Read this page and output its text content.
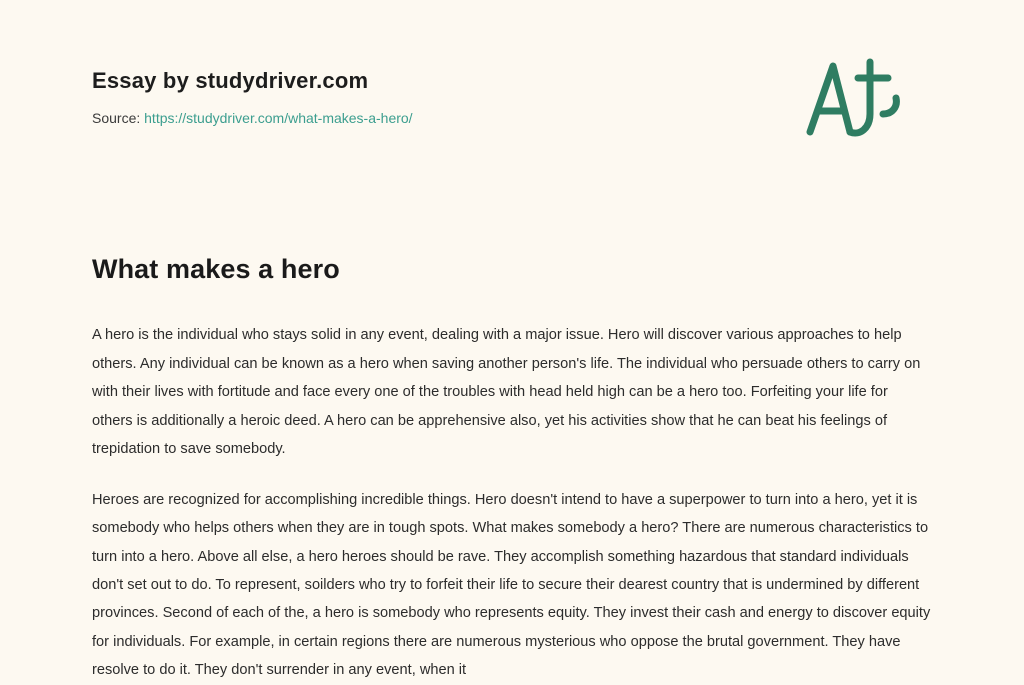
Essay by studydriver.com
Source: https://studydriver.com/what-makes-a-hero/
What makes a hero

A hero is the individual who stays solid in any event, dealing with a major issue. Hero will discover various approaches to help others. Any individual can be known as a hero when saving another person's life. The individual who persuade others to carry on with their lives with fortitude and face every one of the troubles with head held high can be a hero too. Forfeiting your life for others is additionally a heroic deed. A hero can be apprehensive also, yet his activities show that he can beat his feelings of trepidation to save somebody.

Heroes are recognized for accomplishing incredible things. Hero doesn't intend to have a superpower to turn into a hero, yet it is somebody who helps others when they are in tough spots. What makes somebody a hero? There are numerous characteristics to turn into a hero. Above all else, a hero heroes should be rave. They accomplish something hazardous that standard individuals don't set out to do. To represent, soilders who try to forfeit their life to secure their dearest country that is undermined by different provinces. Second of each of the, a hero is somebody who represents equity. They invest their cash and energy to discover equity for individuals. For example, in certain regions there are numerous mysterious who oppose the brutal government. They have resolve to do it. They don't surrender in any event, when it
